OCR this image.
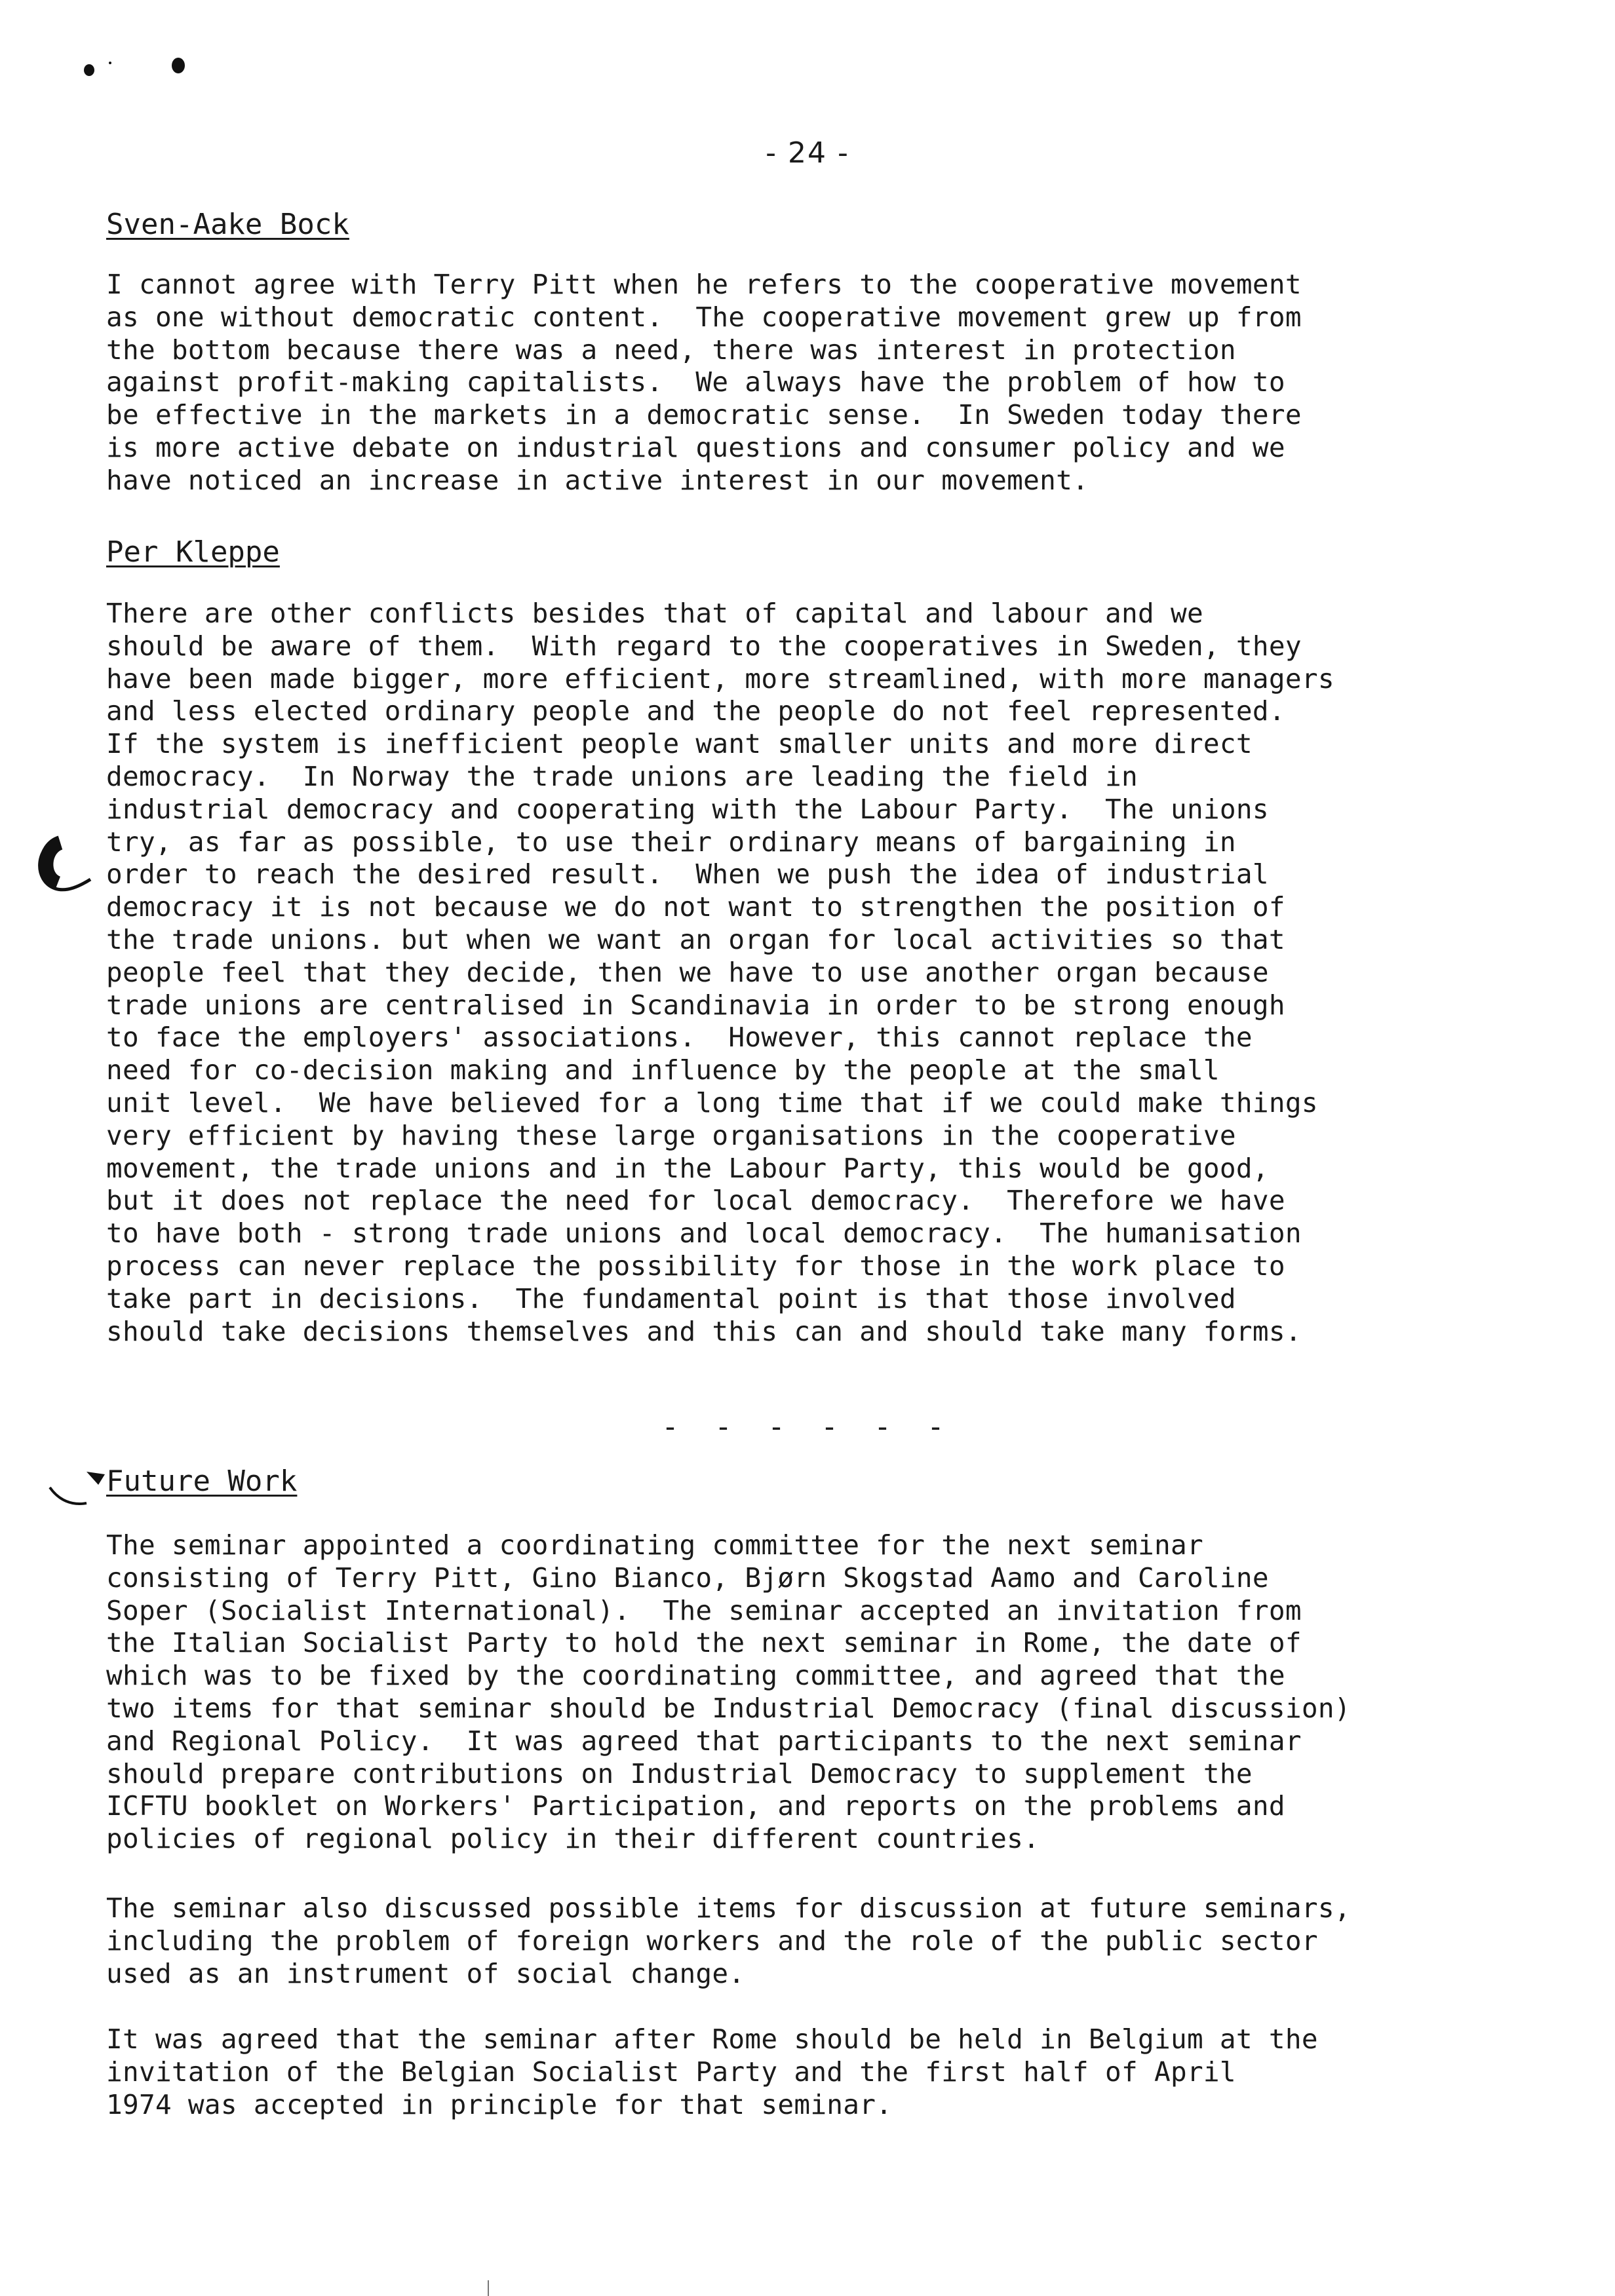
- 24 -
Sven-Aake Bock
I cannot agree with Terry Pitt when he refers to the cooperative movement
as one without democratic content.  The cooperative movement grew up from
the bottom because there was a need, there was interest in protection
against profit-making capitalists.  We always have the problem of how to
be effective in the markets in a democratic sense.  In Sweden today there
is more active debate on industrial questions and consumer policy and we
have noticed an increase in active interest in our movement.
Per Kleppe
There are other conflicts besides that of capital and labour and we
should be aware of them.  With regard to the cooperatives in Sweden, they
have been made bigger, more efficient, more streamlined, with more managers
and less elected ordinary people and the people do not feel represented.
If the system is inefficient people want smaller units and more direct
democracy.  In Norway the trade unions are leading the field in
industrial democracy and cooperating with the Labour Party.  The unions
try, as far as possible, to use their ordinary means of bargaining in
order to reach the desired result.  When we push the idea of industrial
democracy it is not because we do not want to strengthen the position of
the trade unions. but when we want an organ for local activities so that
people feel that they decide, then we have to use another organ because
trade unions are centralised in Scandinavia in order to be strong enough
to face the employers' associations.  However, this cannot replace the
need for co-decision making and influence by the people at the small
unit level.  We have believed for a long time that if we could make things
very efficient by having these large organisations in the cooperative
movement, the trade unions and in the Labour Party, this would be good,
but it does not replace the need for local democracy.  Therefore we have
to have both - strong trade unions and local democracy.  The humanisation
process can never replace the possibility for those in the work place to
take part in decisions.  The fundamental point is that those involved
should take decisions themselves and this can and should take many forms.
- - - - - -
Future Work
The seminar appointed a coordinating committee for the next seminar
consisting of Terry Pitt, Gino Bianco, Bjørn Skogstad Aamo and Caroline
Soper (Socialist International).  The seminar accepted an invitation from
the Italian Socialist Party to hold the next seminar in Rome, the date of
which was to be fixed by the coordinating committee, and agreed that the
two items for that seminar should be Industrial Democracy (final discussion)
and Regional Policy.  It was agreed that participants to the next seminar
should prepare contributions on Industrial Democracy to supplement the
ICFTU booklet on Workers' Participation, and reports on the problems and
policies of regional policy in their different countries.
The seminar also discussed possible items for discussion at future seminars,
including the problem of foreign workers and the role of the public sector
used as an instrument of social change.
It was agreed that the seminar after Rome should be held in Belgium at the
invitation of the Belgian Socialist Party and the first half of April
1974 was accepted in principle for that seminar.
